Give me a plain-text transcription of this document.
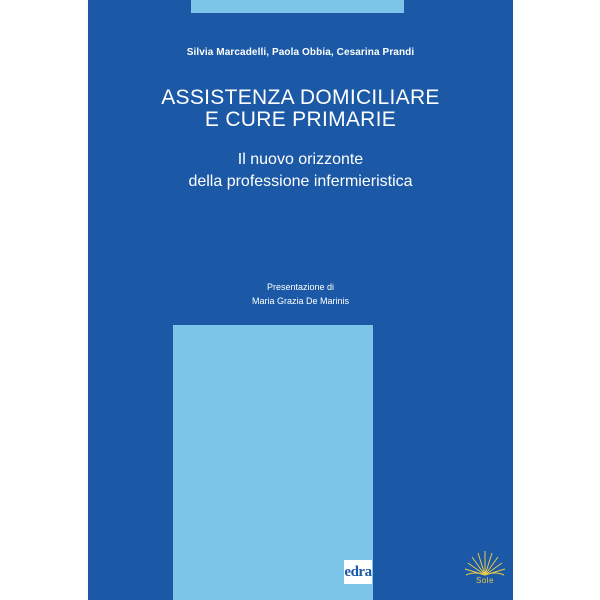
Silvia Marcadelli, Paola Obbia, Cesarina Prandi
ASSISTENZA DOMICILIARE
E CURE PRIMARIE
Il nuovo orizzonte
della professione infermieristica
Presentazione di
Maria Grazia De Marinis
edra
Sole
